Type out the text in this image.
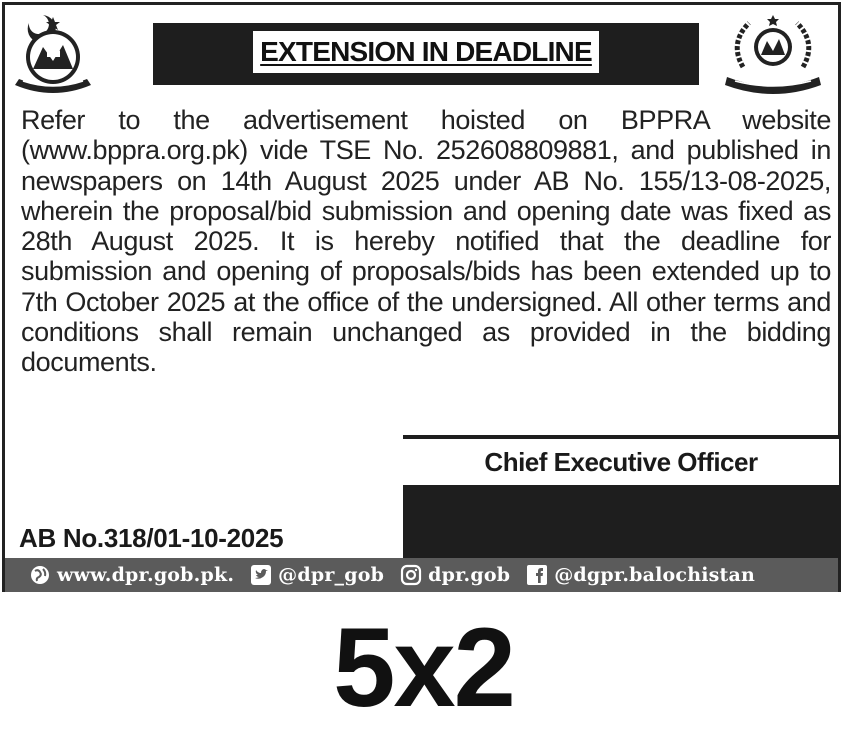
EXTENSION IN DEADLINE

Refer to the advertisement hoisted on BPPRA website (www.bppra.org.pk) vide TSE No. 252608809881, and published in newspapers on 14th August 2025 under AB No. 155/13-08-2025, wherein the proposal/bid submission and opening date was fixed as 28th August 2025. It is hereby notified that the deadline for submission and opening of proposals/bids has been extended up to 7th October 2025 at the office of the undersigned. All other terms and conditions shall remain unchanged as provided in the bidding documents.

Chief Executive Officer
AB No.318/01-10-2025
www.dpr.gob.pk. @dpr_gob dpr.gob @dgpr.balochistan
5x2
